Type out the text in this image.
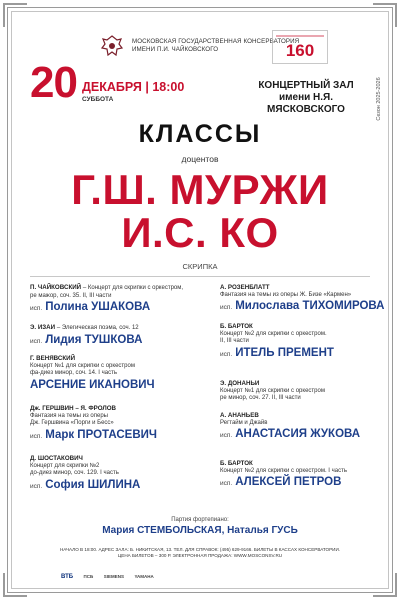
МОСКОВСКАЯ ГОСУДАРСТВЕННАЯ КОНСЕРВАТОРИЯ
ИМЕНИ П.И. ЧАЙКОВСКОГО	160
Сезон 2025-2026
20 ДЕКАБРЯ | 18:00
СУББОТА
КОНЦЕРТНЫЙ ЗАЛ
имени Н.Я. МЯСКОВСКОГО
КЛАССЫ
доцентов
Г.Ш. МУРЖИ
И.С. КО
СКРИПКА
П. ЧАЙКОВСКИЙ – Концерт для скрипки с оркестром,
ре мажор, соч. 35. II, III части
исп. Полина УШАКОВА
Э. ИЗАИ – Элегическая поэма, соч. 12
исп. Лидия ТУШКОВА
Г. ВЕНЯВСКИЙ
Концерт №1 для скрипки с оркестром
фа-диез минор, соч. 14. I часть
АРСЕНИЕ ИКАНОВИЧ
Дж. ГЕРШВИН – Я. ФРОЛОВ
Фантазия на темы из оперы
Дж. Гершвина «Порги и Бесс»
исп. Марк ПРОТАСЕВИЧ
Д. ШОСТАКОВИЧ
Концерт для скрипки №2
до-диез минор, соч. 129. I часть
исп. София ШИЛИНА
А. РОЗЕНБЛАТТ
Фантазия на темы из оперы Ж. Бизе «Кармен»
исп. Милослава ТИХОМИРОВА
Б. БАРТОК
Концерт №2 для скрипки с оркестром.
II, III части
исп. ИТЕЛЬ ПРЕМЕНТ
Э. ДОНАНЬИ
Концерт №1 для скрипки с оркестром
ре минор, соч. 27. II, III части
А. АНАНЬЕВ
Регтайм и Джайв
исп. АНАСТАСИЯ ЖУКОВА
Б. БАРТОК
Концерт №2 для скрипки с оркестром. I часть
исп. АЛЕКСЕЙ ПЕТРОВ
Партия фортепиано:
Мария СТЕМБОЛЬСКАЯ, Наталья ГУСЬ
НАЧАЛО В 18:00. АДРЕС ЗАЛА: Б. НИКИТСКАЯ, 13. ТЕЛ. ДЛЯ СПРАВОК: (495) 629-9166. БИЛЕТЫ В КАССАХ КОНСЕРВАТОРИИ.
ЦЕНА БИЛЕТОВ – 300 Р. ЭЛЕКТРОННАЯ ПРОДАЖА: WWW.MOSCONSV.RU
ВТБ ПСБ SIEMENS YAMAHA
